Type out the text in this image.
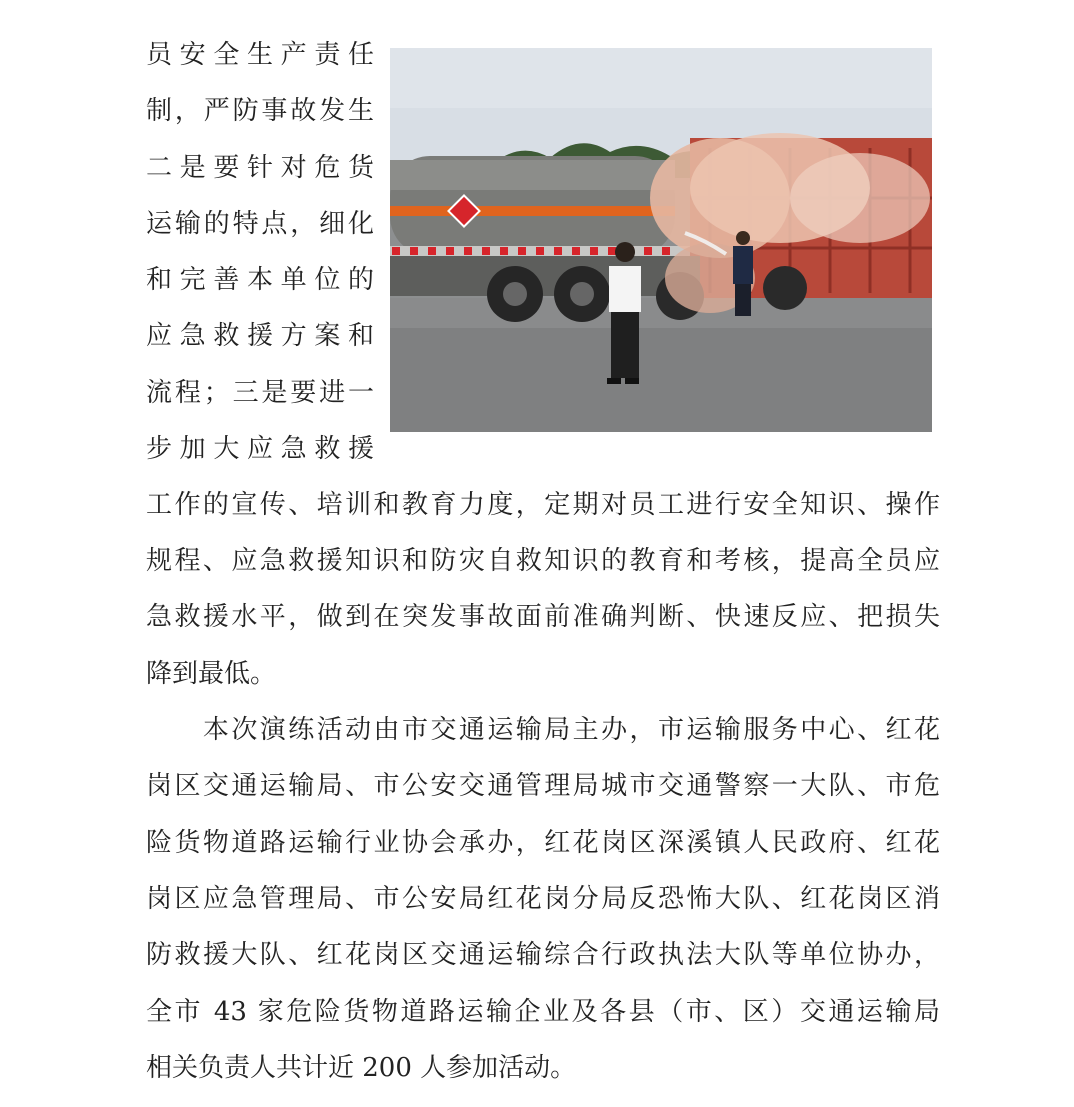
员安全生产责任
制，严防事故发生
二是要针对危货
运输的特点，细化
和完善本单位的
应急救援方案和
流程；三是要进一
步加大应急救援
工作的宣传、培训和教育力度，定期对员工进行安全知识、操作
规程、应急救援知识和防灾自救知识的教育和考核，提高全员应
急救援水平，做到在突发事故面前准确判断、快速反应、把损失
降到最低。
　　本次演练活动由市交通运输局主办，市运输服务中心、红花
岗区交通运输局、市公安交通管理局城市交通警察一大队、市危
险货物道路运输行业协会承办，红花岗区深溪镇人民政府、红花
岗区应急管理局、市公安局红花岗分局反恐怖大队、红花岗区消
防救援大队、红花岗区交通运输综合行政执法大队等单位协办，
全市 43 家危险货物道路运输企业及各县（市、区）交通运输局
相关负责人共计近 200 人参加活动。
